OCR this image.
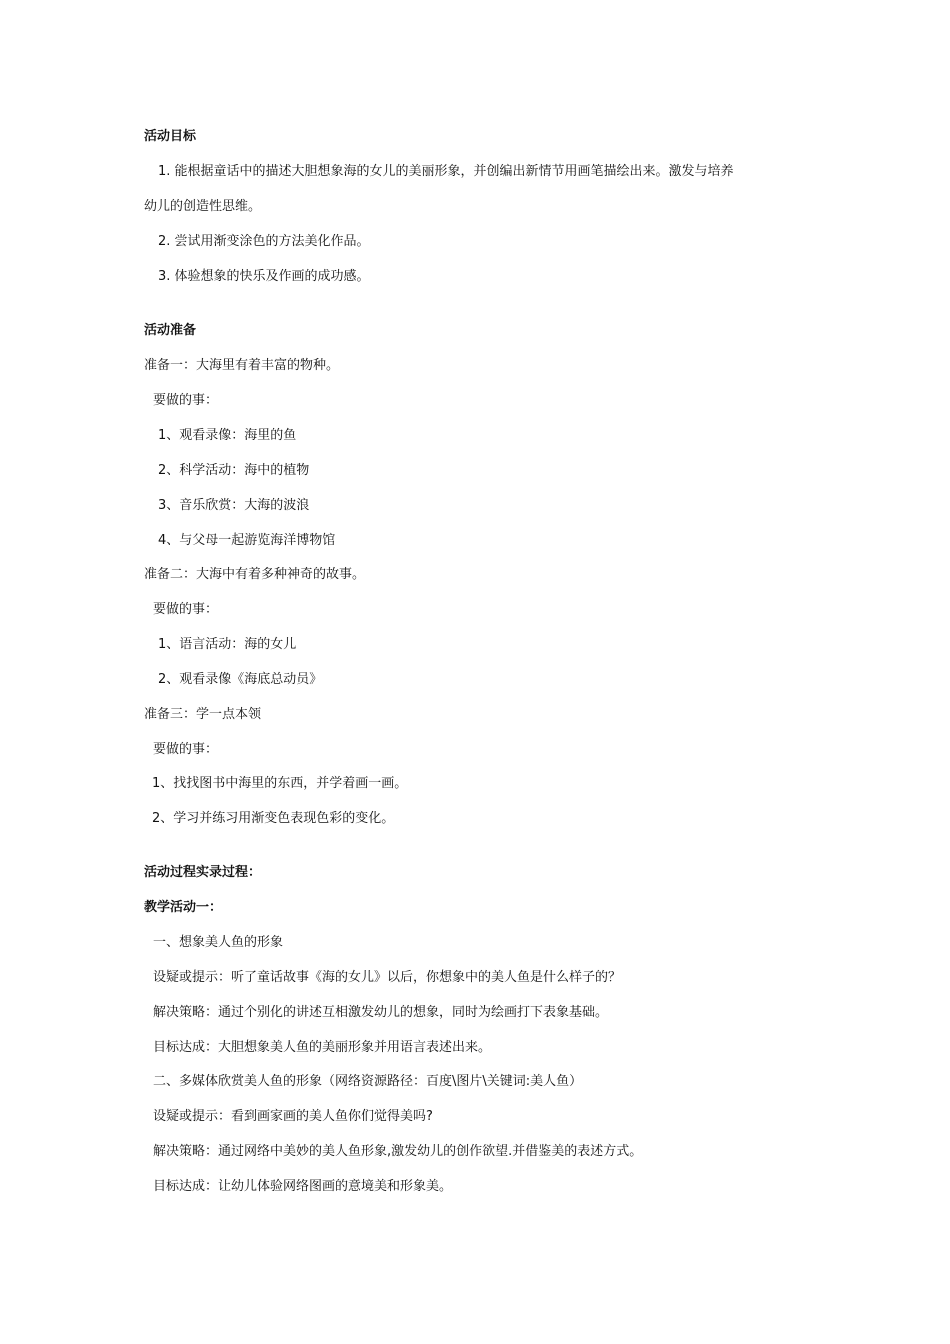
活动目标
1. 能根据童话中的描述大胆想象海的女儿的美丽形象，并创编出新情节用画笔描绘出来。激发与培养
幼儿的创造性思维。
2. 尝试用渐变涂色的方法美化作品。
3. 体验想象的快乐及作画的成功感。
活动准备
准备一：大海里有着丰富的物种。
要做的事：
1、观看录像：海里的鱼
2、科学活动：海中的植物
3、音乐欣赏：大海的波浪
4、与父母一起游览海洋博物馆
准备二：大海中有着多种神奇的故事。
要做的事：
1、语言活动：海的女儿
2、观看录像《海底总动员》
准备三：学一点本领
要做的事：
1、找找图书中海里的东西，并学着画一画。
2、学习并练习用渐变色表现色彩的变化。
活动过程实录过程：
教学活动一：
一、想象美人鱼的形象
设疑或提示：听了童话故事《海的女儿》以后，你想象中的美人鱼是什么样子的？
解决策略：通过个别化的讲述互相激发幼儿的想象，同时为绘画打下表象基础。
目标达成：大胆想象美人鱼的美丽形象并用语言表述出来。
二、多媒体欣赏美人鱼的形象（网络资源路径：百度\图片\关键词:美人鱼）
设疑或提示：看到画家画的美人鱼你们觉得美吗?
解决策略：通过网络中美妙的美人鱼形象,激发幼儿的创作欲望.并借鉴美的表述方式。
目标达成：让幼儿体验网络图画的意境美和形象美。
